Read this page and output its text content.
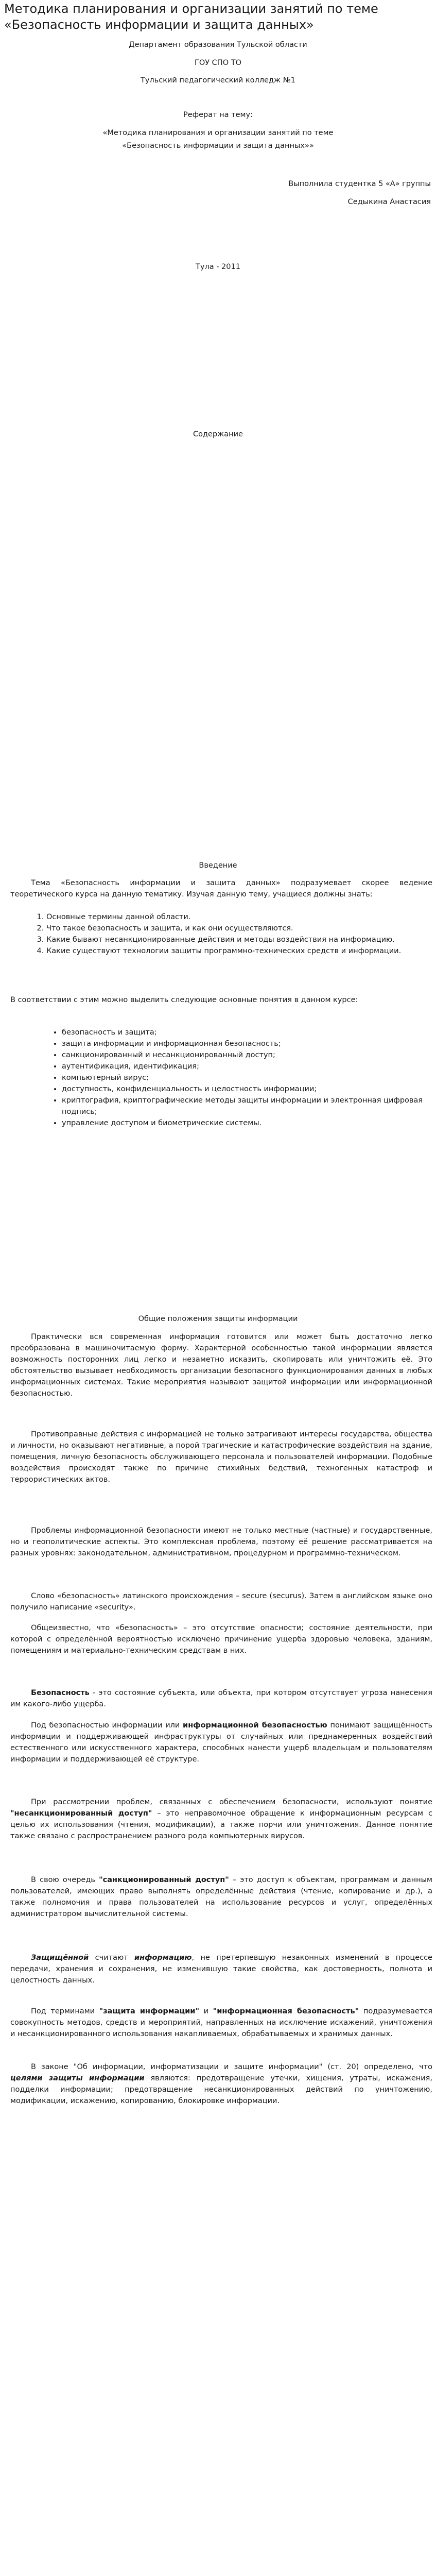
Методика планирования и организации занятий по теме «Безопасность информации и защита данных»
Департамент образования Тульской области
ГОУ СПО ТО
Тульский педагогический колледж №1
Реферат на тему:
«Методика планирования и организации занятий по теме
«Безопасность информации и защита данных»»
Выполнила студентка 5 «А» группы
Седыкина Анастасия
Тула - 2011
Содержание
Введение

Тема «Безопасность информации и защита данных» подразумевает скорее ведение теоретического курса на данную тематику. Изучая данную тему, учащиеся должны знать:

1. Основные термины данной области.
2. Что такое безопасность и защита, и как они осуществляются.
3. Какие бывают несанкционированные действия и методы воздействия на информацию.
4. Какие существуют технологии защиты программно-технических средств и информации.

В соответствии с этим можно выделить следующие основные понятия в данном курсе:

• безопасность и защита;
• защита информации и информационная безопасность;
• санкционированный и несанкционированный доступ;
• аутентификация, идентификация;
• компьютерный вирус;
• доступность, конфиденциальность и целостность информации;
• криптография, криптографические методы защиты информации и электронная цифровая подпись;
• управление доступом и биометрические системы.
Общие положения защиты информации

Практически вся современная информация готовится или может быть достаточно легко преобразована в машиночитаемую форму. Характерной особенностью такой информации является возможность посторонних лиц легко и незаметно исказить, скопировать или уничтожить её. Это обстоятельство вызывает необходимость организации безопасного функционирования данных в любых информационных системах. Такие мероприятия называют защитой информации или информационной безопасностью.

Противоправные действия с информацией не только затрагивают интересы государства, общества и личности, но оказывают негативные, а порой трагические и катастрофические воздействия на здание, помещения, личную безопасность обслуживающего персонала и пользователей информации. Подобные воздействия происходят также по причине стихийных бедствий, техногенных катастроф и террористических актов.

Проблемы информационной безопасности имеют не только местные (частные) и государственные, но и геополитические аспекты. Это комплексная проблема, поэтому её решение рассматривается на разных уровнях: законодательном, административном, процедурном и программно-техническом.

Слово «безопасность» латинского происхождения – secure (securus). Затем в английском языке оно получило написание «security».

Общеизвестно, что «безопасность» – это отсутствие опасности; состояние деятельности, при которой с определённой вероятностью исключено причинение ущерба здоровью человека, зданиям, помещениям и материально-техническим средствам в них.

Безопасность - это состояние субъекта, или объекта, при котором отсутствует угроза нанесения им какого-либо ущерба.

Под безопасностью информации или информационной безопасностью понимают защищённость информации и поддерживающей инфраструктуры от случайных или преднамеренных воздействий естественного или искусственного характера, способных нанести ущерб владельцам и пользователям информации и поддерживающей её структуре.

При рассмотрении проблем, связанных с обеспечением безопасности, используют понятие "несанкционированный доступ" – это неправомочное обращение к информационным ресурсам с целью их использования (чтения, модификации), а также порчи или уничтожения. Данное понятие также связано с распространением разного рода компьютерных вирусов.

В свою очередь "санкционированный доступ" – это доступ к объектам, программам и данным пользователей, имеющих право выполнять определённые действия (чтение, копирование и др.), а также полномочия и права пользователей на использование ресурсов и услуг, определённых администратором вычислительной системы.

Защищённой считают информацию, не претерпевшую незаконных изменений в процессе передачи, хранения и сохранения, не изменившую такие свойства, как достоверность, полнота и целостность данных.

Под терминами "защита информации" и "информационная безопасность" подразумевается совокупность методов, средств и мероприятий, направленных на исключение искажений, уничтожения и несанкционированного использования накапливаемых, обрабатываемых и хранимых данных.

В законе "Об информации, информатизации и защите информации" (ст. 20) определено, что целями защиты информации являются: предотвращение утечки, хищения, утраты, искажения, подделки информации; предотвращение несанкционированных действий по уничтожению, модификации, искажению, копированию, блокировке информации.
